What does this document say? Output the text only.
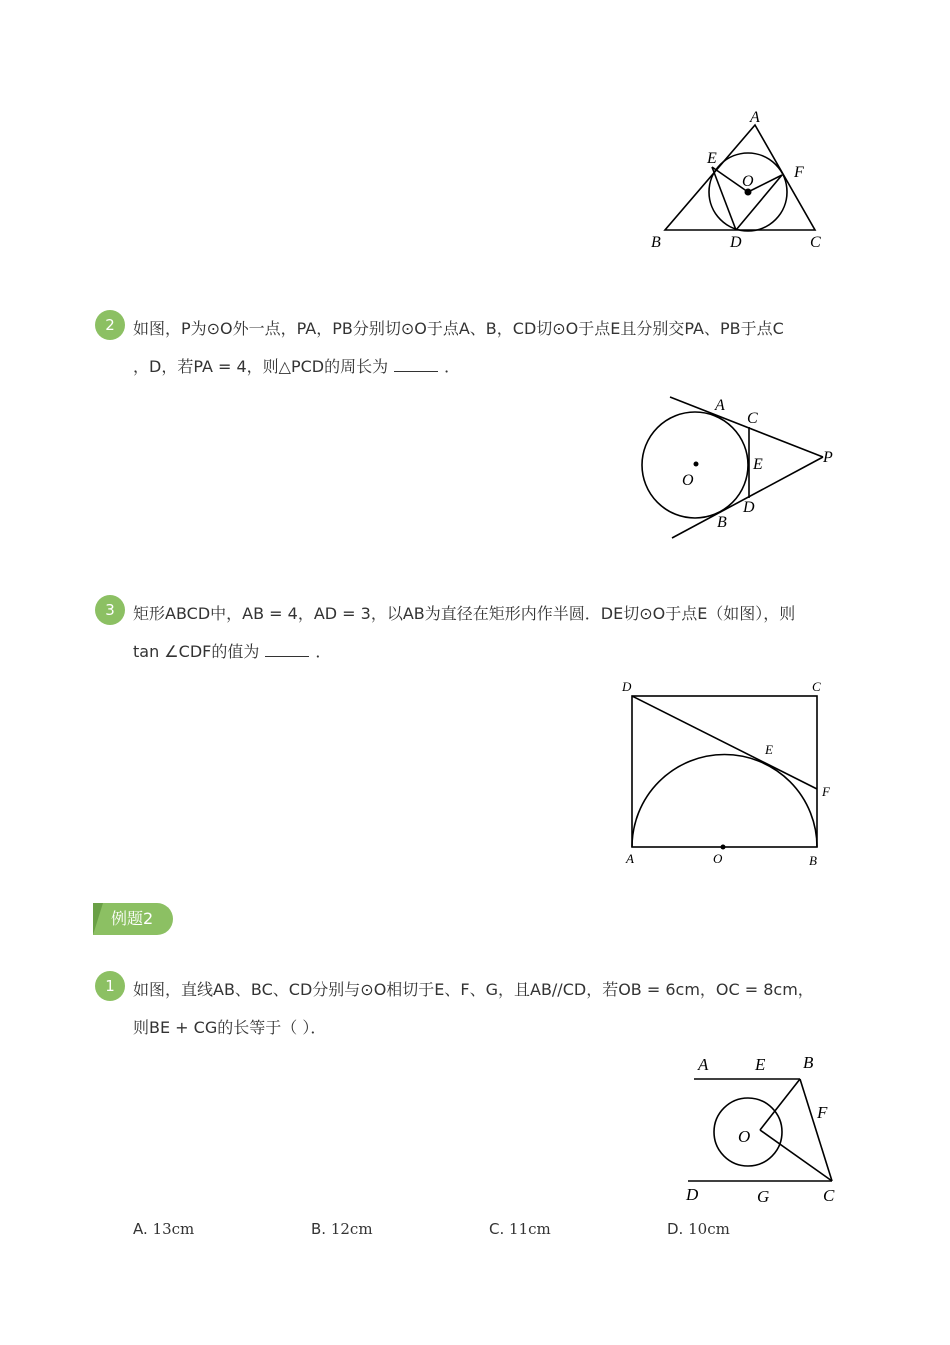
A
E
O
F
B	D	C
2	如图，P为⊙O外一点，PA，PB分别切⊙O于点A、B，CD切⊙O于点E且分别交PA、PB于点C
，D，若PA = 4，则△PCD的周长为	．
A
C
P
E
O
D
B
3	矩形ABCD中，AB = 4，AD = 3，以AB为直径在矩形内作半圆．DE切⊙O于点E（如图），则
tan ∠CDF的值为	．
D	C
E
F
A	O	B
例题2
1	如图，直线AB、BC、CD分别与⊙O相切于E、F、G，且AB//CD，若OB = 6cm，OC = 8cm，
则BE + CG的长等于（ ）．
A	E B
F
O
D	G	C
A. 13cm	B. 12cm	C. 11cm	D. 10cm
